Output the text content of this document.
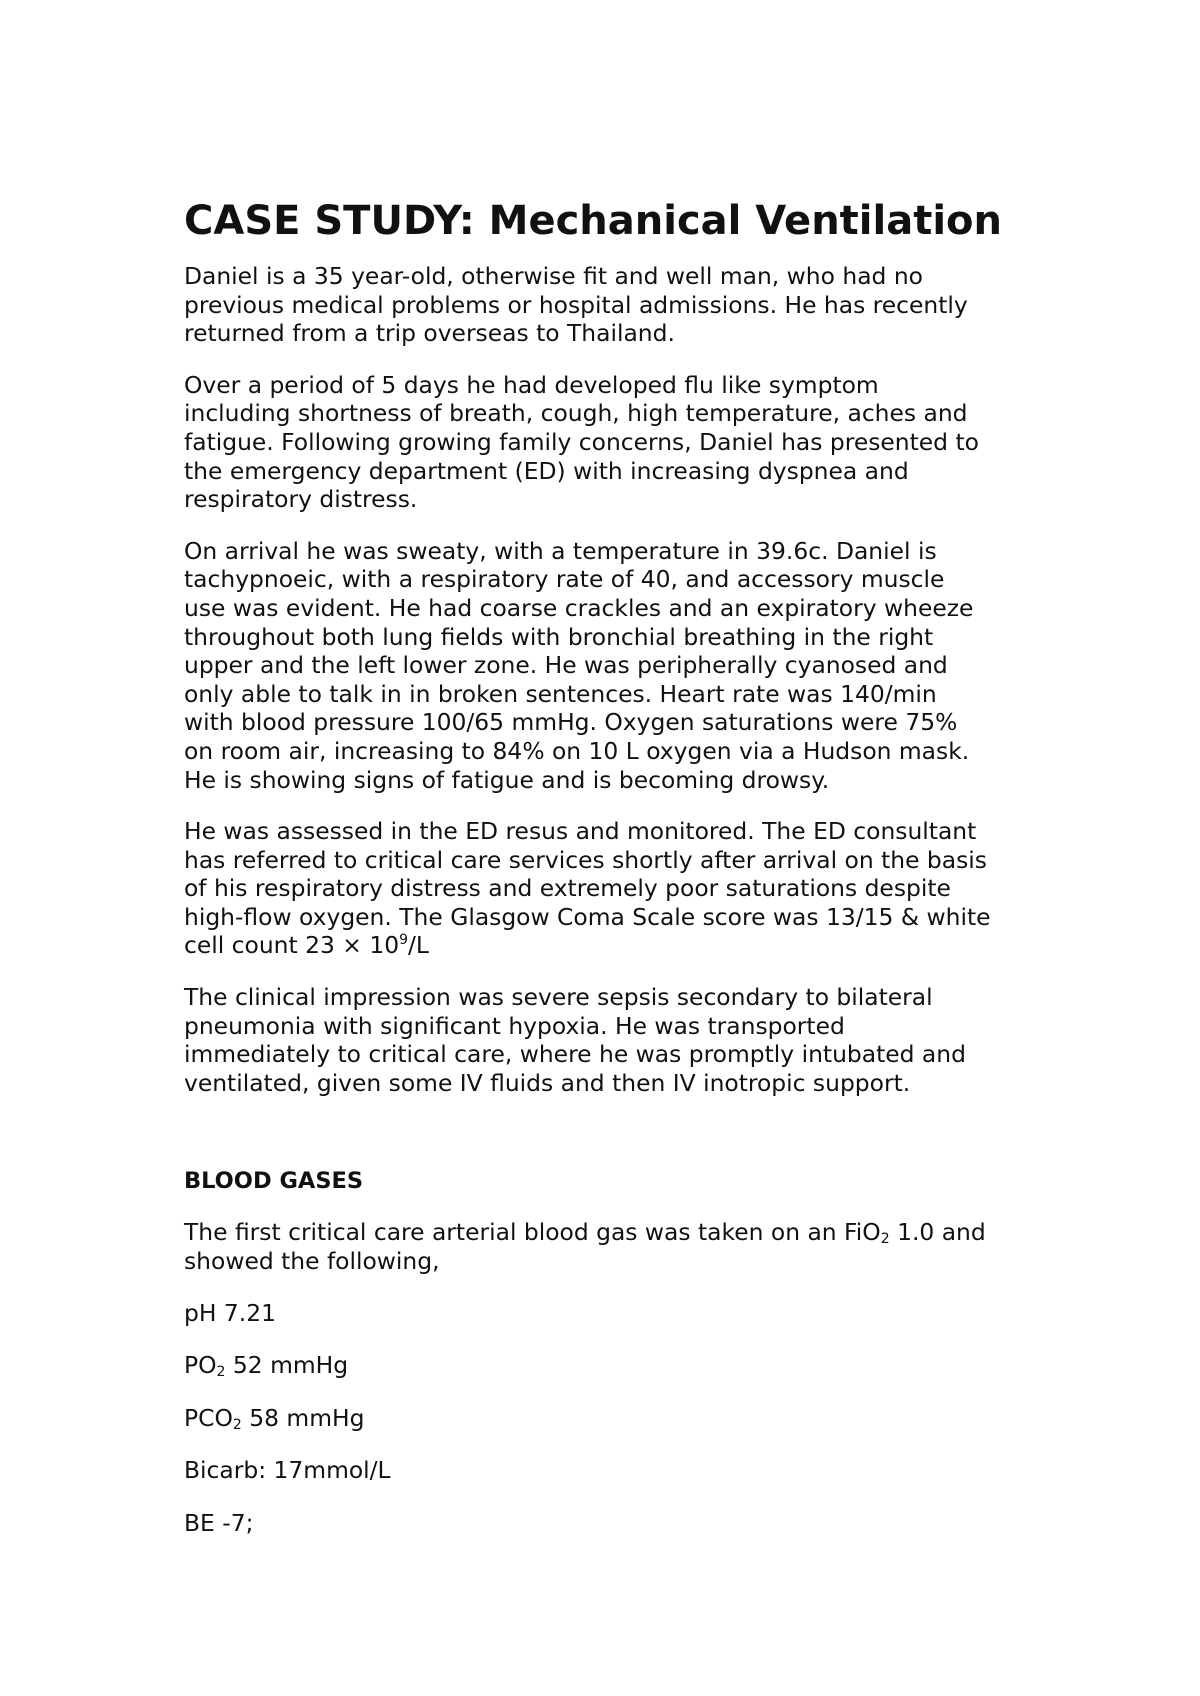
CASE STUDY: Mechanical Ventilation

Daniel is a 35 year-old, otherwise fit and well man, who had no
previous medical problems or hospital admissions. He has recently
returned from a trip overseas to Thailand.

Over a period of 5 days he had developed flu like symptom
including shortness of breath, cough, high temperature, aches and
fatigue. Following growing family concerns, Daniel has presented to
the emergency department (ED) with increasing dyspnea and
respiratory distress.

On arrival he was sweaty, with a temperature in 39.6c. Daniel is
tachypnoeic, with a respiratory rate of 40, and accessory muscle
use was evident. He had coarse crackles and an expiratory wheeze
throughout both lung fields with bronchial breathing in the right
upper and the left lower zone. He was peripherally cyanosed and
only able to talk in in broken sentences. Heart rate was 140/min
with blood pressure 100/65 mmHg. Oxygen saturations were 75%
on room air, increasing to 84% on 10 L oxygen via a Hudson mask.
He is showing signs of fatigue and is becoming drowsy.

He was assessed in the ED resus and monitored. The ED consultant
has referred to critical care services shortly after arrival on the basis
of his respiratory distress and extremely poor saturations despite
high-flow oxygen. The Glasgow Coma Scale score was 13/15 & white
cell count $23 \times 10^9/L$

The clinical impression was severe sepsis secondary to bilateral
pneumonia with significant hypoxia. He was transported
immediately to critical care, where he was promptly intubated and
ventilated, given some IV fluids and then IV inotropic support.

BLOOD GASES

The first critical care arterial blood gas was taken on an FiO$_2$ 1.0 and
showed the following,

pH 7.21
$PO_2$ 52 mmHg
$PCO_2$ 58 mmHg
Bicarb: 17mmol/L
BE -7;
